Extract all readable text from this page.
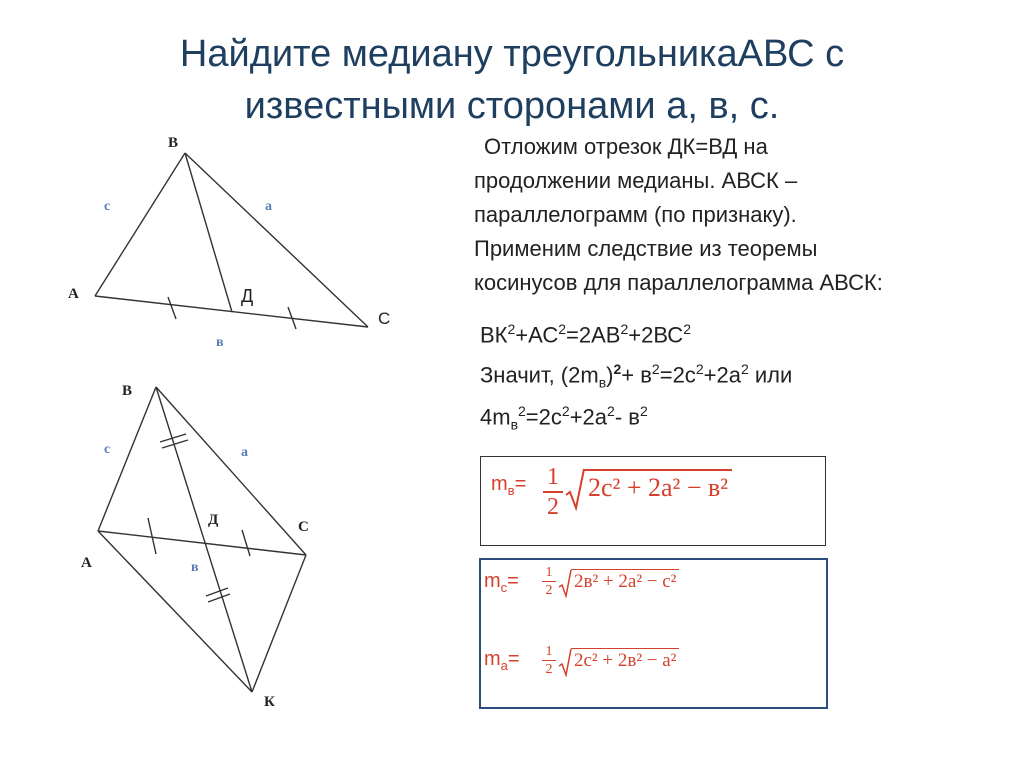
Найдите медиану треугольникаАВС с
известными сторонами а, в, с.
В
А
С
Д
с	а
в
В
А
С
Д
К
с	а
в
Отложим отрезок ДК=ВД на
продолжении медианы. АВСК –
параллелограмм (по признаку).
Применим следствие из теоремы
косинусов для параллелограмма АВСК:
$ВК^2+АС^2=2АВ^2+2ВС^2$
Значит, $(2m_в)^2+ в^2=2с^2+2а^2$ или
$4m_в^2=2с^2+2а^2-$ $в^2$
$m_в= \frac{1}{2} 2c^2 + 2a^2 - в^2$
$m_c= \frac{1}{2} 2в^2 + 2a^2 - c^2$
$m_a= \frac{1}{2} 2c^2 + 2в^2 - a^2$
